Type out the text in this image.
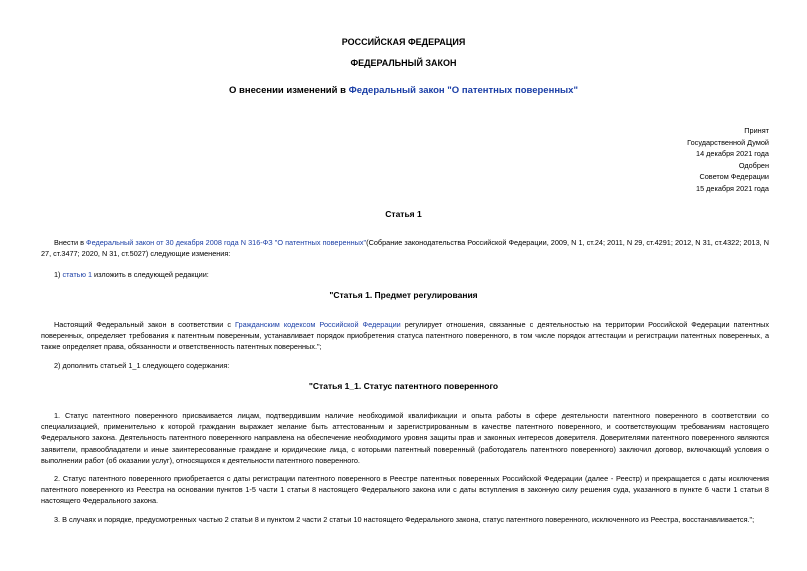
РОССИЙСКАЯ ФЕДЕРАЦИЯ
ФЕДЕРАЛЬНЫЙ ЗАКОН
О внесении изменений в Федеральный закон "О патентных поверенных"
Принят
Государственной Думой
14 декабря 2021 года
Одобрен
Советом Федерации
15 декабря 2021 года
Статья 1
Внести в Федеральный закон от 30 декабря 2008 года N 316-ФЗ "О патентных поверенных"(Собрание законодательства Российской Федерации, 2009, N 1, ст.24; 2011, N 29, ст.4291; 2012, N 31, ст.4322; 2013, N 27, ст.3477; 2020, N 31, ст.5027) следующие изменения:
1) статью 1 изложить в следующей редакции:
"Статья 1. Предмет регулирования
Настоящий Федеральный закон в соответствии с Гражданским кодексом Российской Федерации регулирует отношения, связанные с деятельностью на территории Российской Федерации патентных поверенных, определяет требования к патентным поверенным, устанавливает порядок приобретения статуса патентного поверенного, в том числе порядок аттестации и регистрации патентных поверенных, а также определяет права, обязанности и ответственность патентных поверенных.";
2) дополнить статьей 1_1 следующего содержания:
"Статья 1_1. Статус патентного поверенного
1. Статус патентного поверенного присваивается лицам, подтвердившим наличие необходимой квалификации и опыта работы в сфере деятельности патентного поверенного в соответствии со специализацией, применительно к которой гражданин выражает желание быть аттестованным и зарегистрированным в качестве патентного поверенного, и соответствующим требованиям настоящего Федерального закона. Деятельность патентного поверенного направлена на обеспечение необходимого уровня защиты прав и законных интересов доверителя. Доверителями патентного поверенного являются заявители, правообладатели и иные заинтересованные граждане и юридические лица, с которыми патентный поверенный (работодатель патентного поверенного) заключил договор, включающий условия о выполнении работ (об оказании услуг), относящихся к деятельности патентного поверенного.
2. Статус патентного поверенного приобретается с даты регистрации патентного поверенного в Реестре патентных поверенных Российской Федерации (далее - Реестр) и прекращается с даты исключения патентного поверенного из Реестра на основании пунктов 1-5 части 1 статьи 8 настоящего Федерального закона или с даты вступления в законную силу решения суда, указанного в пункте 6 части 1 статьи 8 настоящего Федерального закона.
3. В случаях и порядке, предусмотренных частью 2 статьи 8 и пунктом 2 части 2 статьи 10 настоящего Федерального закона, статус патентного поверенного, исключенного из Реестра, восстанавливается.";
